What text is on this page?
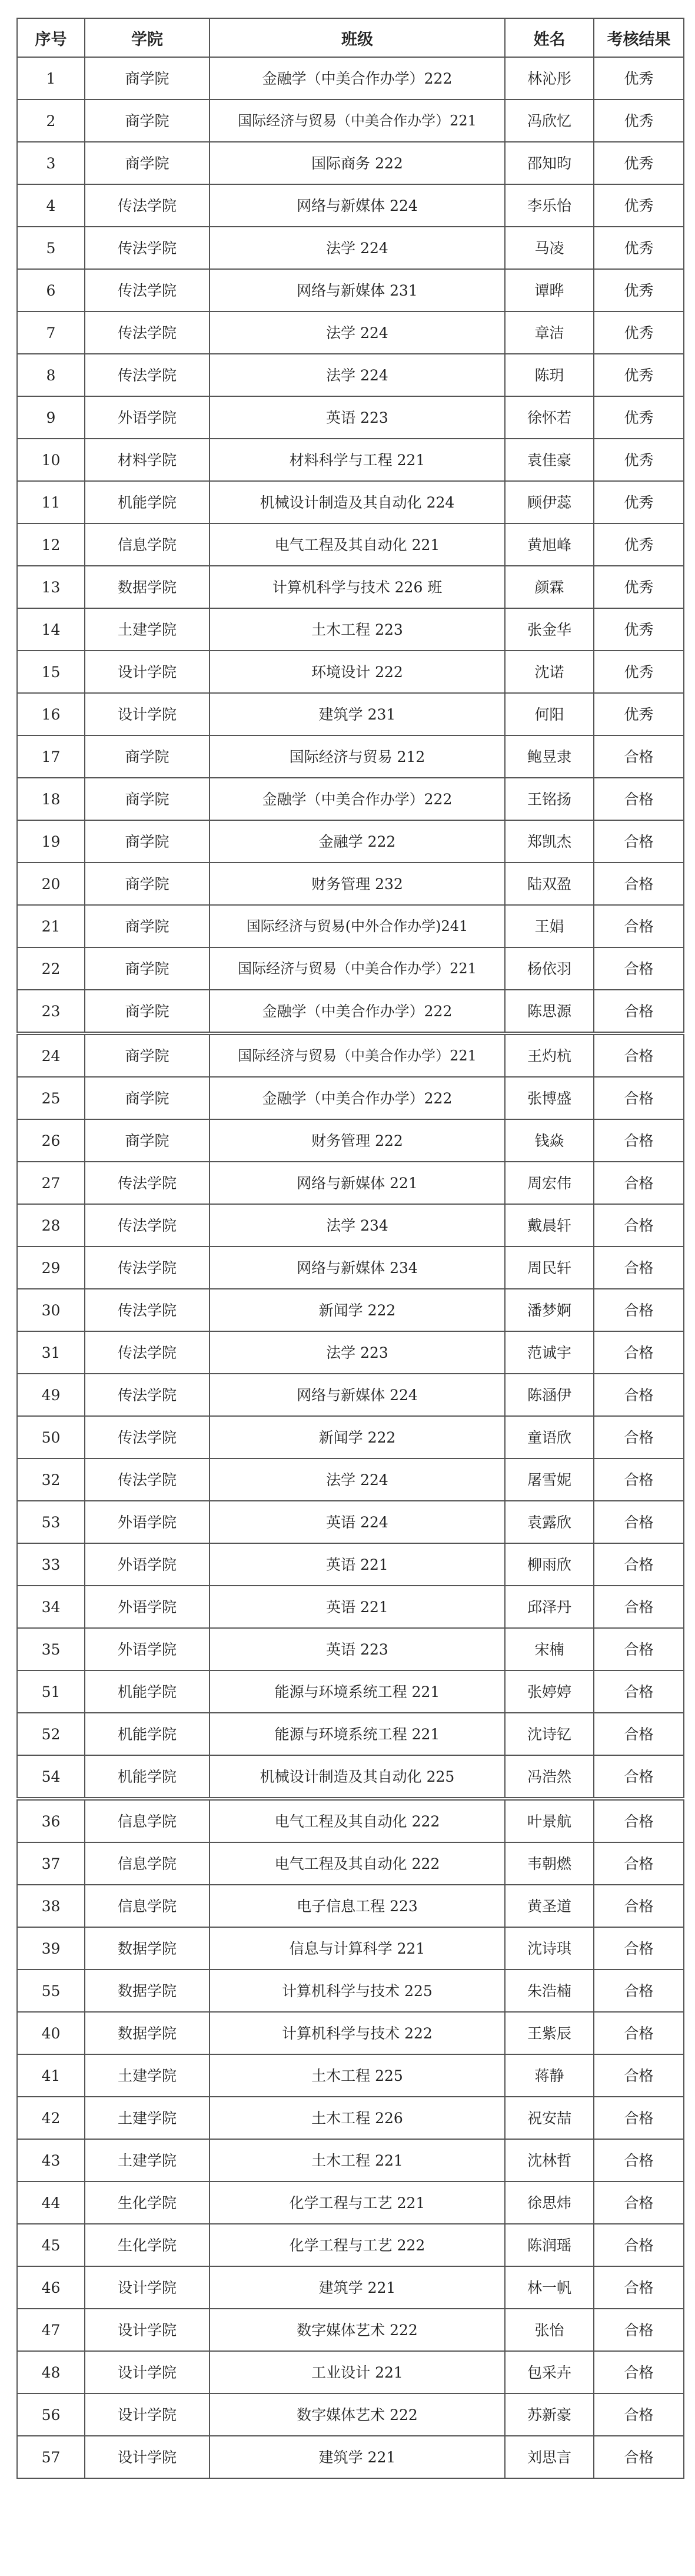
序号	学院	班级	姓名	考核结果
1	商学院	金融学（中美合作办学）222	林沁彤	优秀
2	商学院	国际经济与贸易（中美合作办学）221	冯欣忆	优秀
3	商学院	国际商务 222	邵知昀	优秀
4	传法学院	网络与新媒体 224	李乐怡	优秀
5	传法学院	法学 224	马凌	优秀
6	传法学院	网络与新媒体 231	谭晔	优秀
7	传法学院	法学 224	章洁	优秀
8	传法学院	法学 224	陈玥	优秀
9	外语学院	英语 223	徐怀若	优秀
10	材料学院	材料科学与工程 221	袁佳豪	优秀
11	机能学院	机械设计制造及其自动化 224	顾伊蕊	优秀
12	信息学院	电气工程及其自动化 221	黄旭峰	优秀
13	数据学院	计算机科学与技术 226 班	颜霖	优秀
14	土建学院	土木工程 223	张金华	优秀
15	设计学院	环境设计 222	沈诺	优秀
16	设计学院	建筑学 231	何阳	优秀
17	商学院	国际经济与贸易 212	鲍昱隶	合格
18	商学院	金融学（中美合作办学）222	王铭扬	合格
19	商学院	金融学 222	郑凯杰	合格
20	商学院	财务管理 232	陆双盈	合格
21	商学院	国际经济与贸易(中外合作办学)241	王娟	合格
22	商学院	国际经济与贸易（中美合作办学）221	杨依羽	合格
23	商学院	金融学（中美合作办学）222	陈思源	合格
24	商学院	国际经济与贸易（中美合作办学）221	王灼杭	合格
25	商学院	金融学（中美合作办学）222	张博盛	合格
26	商学院	财务管理 222	钱焱	合格
27	传法学院	网络与新媒体 221	周宏伟	合格
28	传法学院	法学 234	戴晨轩	合格
29	传法学院	网络与新媒体 234	周民轩	合格
30	传法学院	新闻学 222	潘梦婀	合格
31	传法学院	法学 223	范诚宇	合格
49	传法学院	网络与新媒体 224	陈涵伊	合格
50	传法学院	新闻学 222	童语欣	合格
32	传法学院	法学 224	屠雪妮	合格
53	外语学院	英语 224	袁露欣	合格
33	外语学院	英语 221	柳雨欣	合格
34	外语学院	英语 221	邱泽丹	合格
35	外语学院	英语 223	宋楠	合格
51	机能学院	能源与环境系统工程 221	张婷婷	合格
52	机能学院	能源与环境系统工程 221	沈诗钇	合格
54	机能学院	机械设计制造及其自动化 225	冯浩然	合格
36	信息学院	电气工程及其自动化 222	叶景航	合格
37	信息学院	电气工程及其自动化 222	韦朝燃	合格
38	信息学院	电子信息工程 223	黄圣道	合格
39	数据学院	信息与计算科学 221	沈诗琪	合格
55	数据学院	计算机科学与技术 225	朱浩楠	合格
40	数据学院	计算机科学与技术 222	王紫辰	合格
41	土建学院	土木工程 225	蒋静	合格
42	土建学院	土木工程 226	祝安喆	合格
43	土建学院	土木工程 221	沈林哲	合格
44	生化学院	化学工程与工艺 221	徐思炜	合格
45	生化学院	化学工程与工艺 222	陈润瑶	合格
46	设计学院	建筑学 221	林一帆	合格
47	设计学院	数字媒体艺术 222	张怡	合格
48	设计学院	工业设计 221	包采卉	合格
56	设计学院	数字媒体艺术 222	苏新豪	合格
57	设计学院	建筑学 221	刘思言	合格
